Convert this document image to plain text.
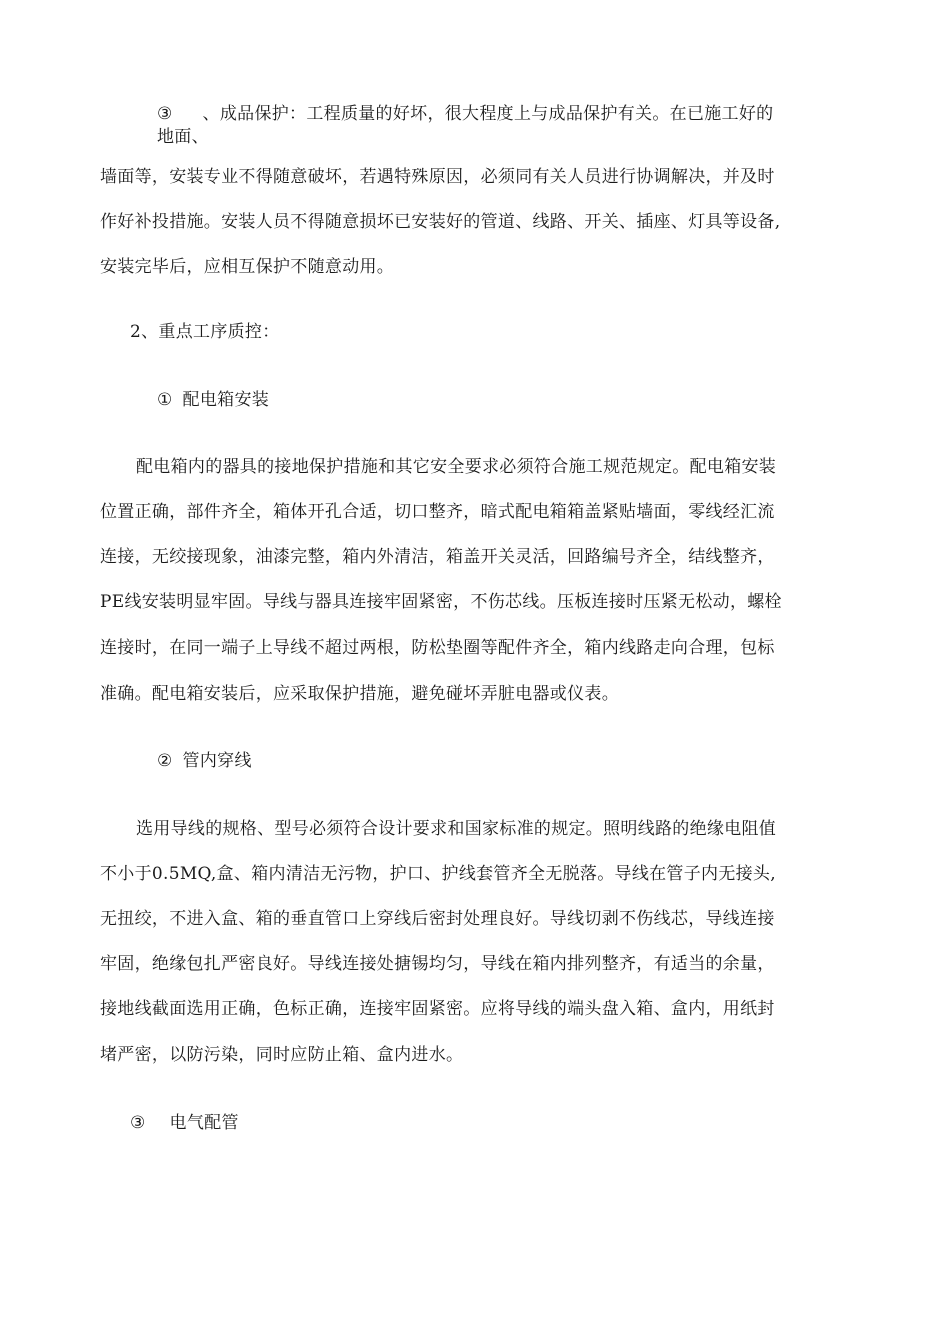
③ 、成品保护：工程质量的好坏，很大程度上与成品保护有关。在已施工好的
地面、
墙面等，安装专业不得随意破坏，若遇特殊原因，必须同有关人员进行协调解决，并及时
作好补投措施。安装人员不得随意损坏已安装好的管道、线路、开关、插座、灯具等设备,
安装完毕后，应相互保护不随意动用。
2、重点工序质控：
① 配电箱安装
配电箱内的器具的接地保护措施和其它安全要求必须符合施工规范规定。配电箱安装
位置正确，部件齐全，箱体开孔合适，切口整齐，暗式配电箱箱盖紧贴墙面，零线经汇流
连接，无绞接现象，油漆完整，箱内外清洁，箱盖开关灵活，回路编号齐全，结线整齐，
PE线安装明显牢固。导线与器具连接牢固紧密，不伤芯线。压板连接时压紧无松动，螺栓
连接时，在同一端子上导线不超过两根，防松垫圈等配件齐全，箱内线路走向合理，包标
准确。配电箱安装后，应采取保护措施，避免碰坏弄脏电器或仪表。
② 管内穿线
选用导线的规格、型号必须符合设计要求和国家标准的规定。照明线路的绝缘电阻值
不小于0.5MQ,盒、箱内清洁无污物，护口、护线套管齐全无脱落。导线在管子内无接头,
无扭绞，不进入盒、箱的垂直管口上穿线后密封处理良好。导线切剥不伤线芯，导线连接
牢固，绝缘包扎严密良好。导线连接处搪锡均匀，导线在箱内排列整齐，有适当的余量，
接地线截面选用正确，色标正确，连接牢固紧密。应将导线的端头盘入箱、盒内，用纸封
堵严密，以防污染，同时应防止箱、盒内进水。
③ 电气配管
